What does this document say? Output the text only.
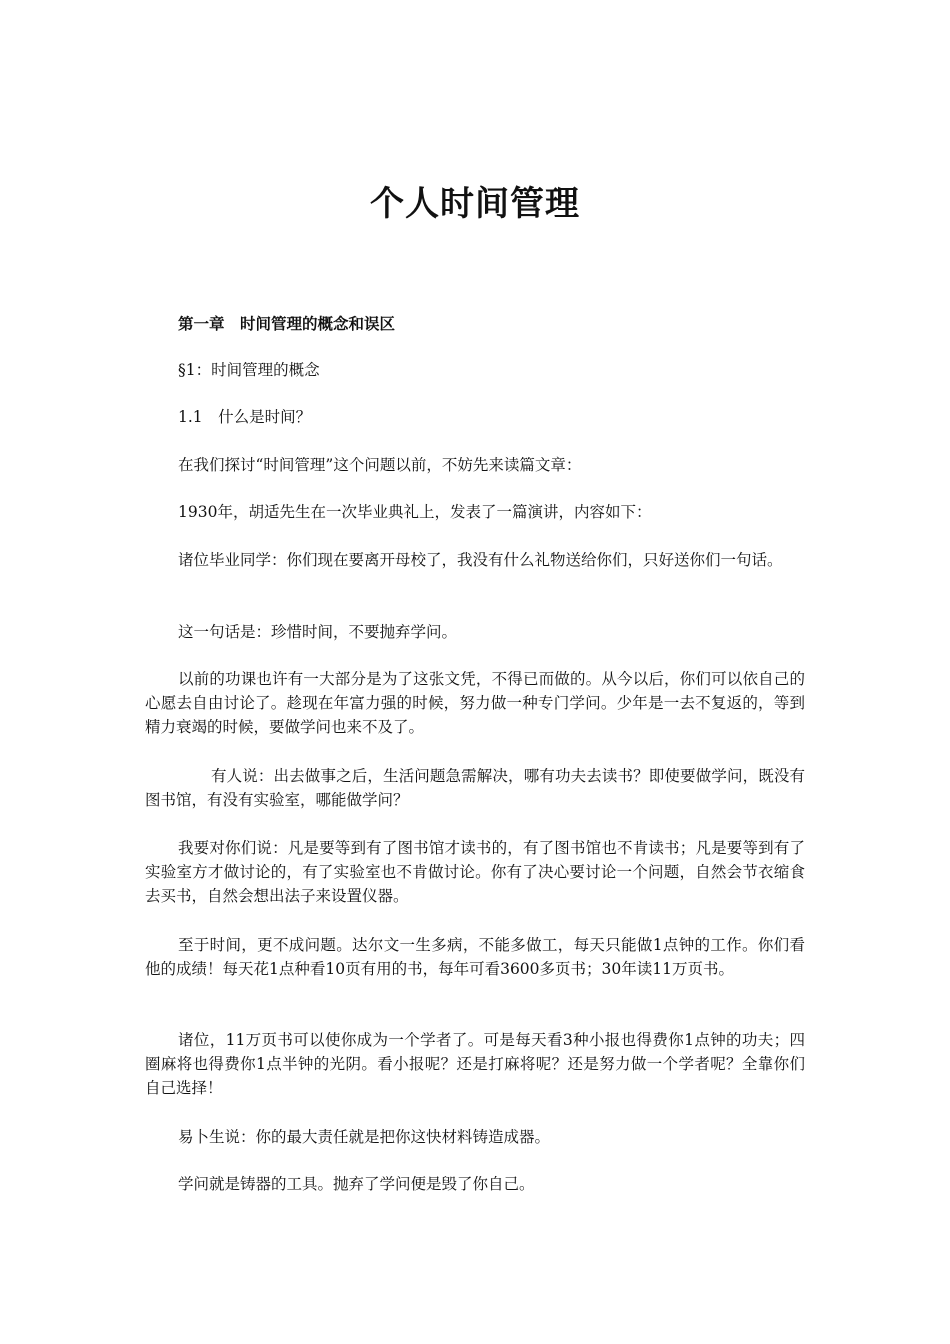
个人时间管理

第一章　时间管理的概念和误区

§1：时间管理的概念

1.1　什么是时间？

在我们探讨“时间管理”这个问题以前，不妨先来读篇文章：

1930年，胡适先生在一次毕业典礼上，发表了一篇演讲，内容如下：

诸位毕业同学：你们现在要离开母校了，我没有什么礼物送给你们，只好送你们一句话。

这一句话是：珍惜时间，不要抛弃学问。

以前的功课也许有一大部分是为了这张文凭，不得已而做的。从今以后，你们可以依自己的心愿去自由讨论了。趁现在年富力强的时候，努力做一种专门学问。少年是一去不复返的，等到精力衰竭的时候，要做学问也来不及了。

有人说：出去做事之后，生活问题急需解决，哪有功夫去读书？即使要做学问，既没有图书馆，有没有实验室，哪能做学问？

我要对你们说：凡是要等到有了图书馆才读书的，有了图书馆也不肯读书；凡是要等到有了实验室方才做讨论的，有了实验室也不肯做讨论。你有了决心要讨论一个问题，自然会节衣缩食去买书，自然会想出法子来设置仪器。

至于时间，更不成问题。达尔文一生多病，不能多做工，每天只能做1点钟的工作。你们看他的成绩！每天花1点种看10页有用的书，每年可看3600多页书；30年读11万页书。

诸位，11万页书可以使你成为一个学者了。可是每天看3种小报也得费你1点钟的功夫；四圈麻将也得费你1点半钟的光阴。看小报呢？还是打麻将呢？还是努力做一个学者呢？全靠你们自己选择！

易卜生说：你的最大责任就是把你这快材料铸造成器。

学问就是铸器的工具。抛弃了学问便是毁了你自己。
